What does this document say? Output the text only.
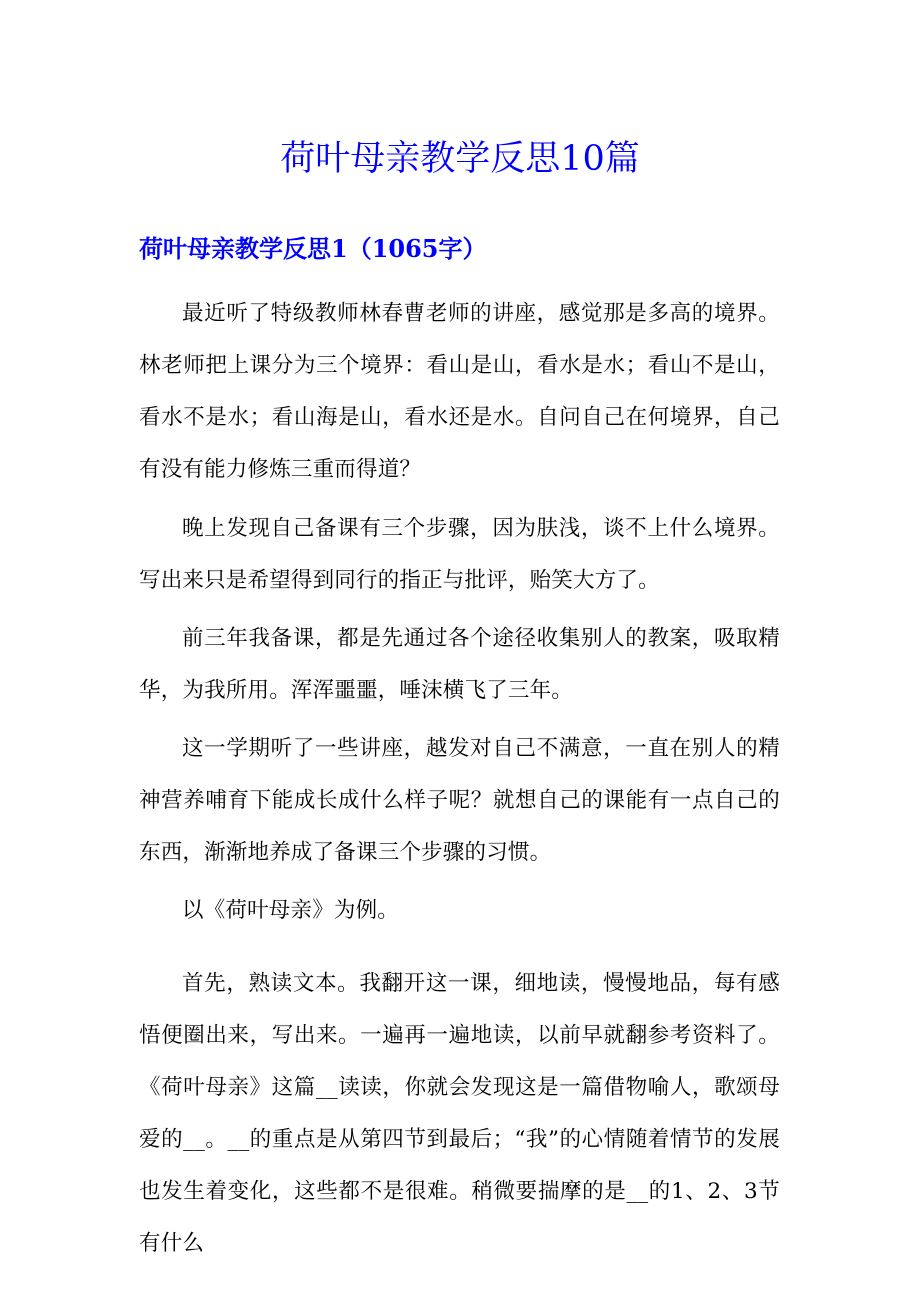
荷叶母亲教学反思10篇
荷叶母亲教学反思1（1065字）

最近听了特级教师林春曹老师的讲座，感觉那是多高的境界。林老师把上课分为三个境界：看山是山，看水是水；看山不是山，看水不是水；看山海是山，看水还是水。自问自己在何境界，自己有没有能力修炼三重而得道？

晚上发现自己备课有三个步骤，因为肤浅，谈不上什么境界。写出来只是希望得到同行的指正与批评，贻笑大方了。

前三年我备课，都是先通过各个途径收集别人的教案，吸取精华，为我所用。浑浑噩噩，唾沫横飞了三年。

这一学期听了一些讲座，越发对自己不满意，一直在别人的精神营养哺育下能成长成什么样子呢？就想自己的课能有一点自己的东西，渐渐地养成了备课三个步骤的习惯。

以《荷叶母亲》为例。

首先，熟读文本。我翻开这一课，细地读，慢慢地品，每有感悟便圈出来，写出来。一遍再一遍地读，以前早就翻参考资料了。《荷叶母亲》这篇__读读，你就会发现这是一篇借物喻人，歌颂母爱的__。__的重点是从第四节到最后；“我”的心情随着情节的发展也发生着变化，这些都不是很难。稍微要揣摩的是__的1、2、3节有什么
